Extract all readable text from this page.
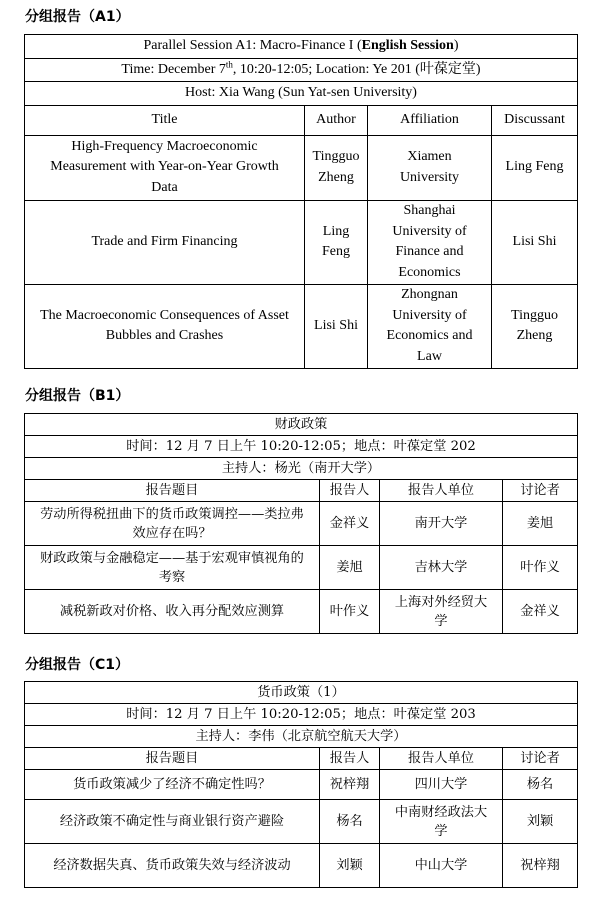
分组报告（A1）
Parallel Session A1: Macro-Finance I (English Session)			
Time: December 7th, 10:20-12:05; Location: Ye 201 (叶葆定堂)			
Host: Xia Wang (Sun Yat-sen University)			
Title	Author	Affiliation	Discussant
High-Frequency Macroeconomic Measurement with Year-on-Year Growth Data	Tingguo Zheng	Xiamen University	Ling Feng
Trade and Firm Financing	Ling Feng	Shanghai University of Finance and Economics	Lisi Shi
The Macroeconomic Consequences of Asset Bubbles and Crashes	Lisi Shi	Zhongnan University of Economics and Law	Tingguo Zheng
分组报告（B1）
财政政策			
时间：12 月 7 日上午 10:20-12:05；地点：叶葆定堂 202			
主持人：杨光（南开大学）			
报告题目	报告人	报告人单位	讨论者
劳动所得税扭曲下的货币政策调控——类拉弗效应存在吗？	金祥义	南开大学	姜旭
财政政策与金融稳定——基于宏观审慎视角的考察	姜旭	吉林大学	叶作义
减税新政对价格、收入再分配效应测算	叶作义	上海对外经贸大学	金祥义
分组报告（C1）
货币政策（1）			
时间：12 月 7 日上午 10:20-12:05；地点：叶葆定堂 203			
主持人：李伟（北京航空航天大学）			
报告题目	报告人	报告人单位	讨论者
货币政策减少了经济不确定性吗？	祝梓翔	四川大学	杨名
经济政策不确定性与商业银行资产避险	杨名	中南财经政法大学	刘颖
经济数据失真、货币政策失效与经济波动	刘颖	中山大学	祝梓翔
